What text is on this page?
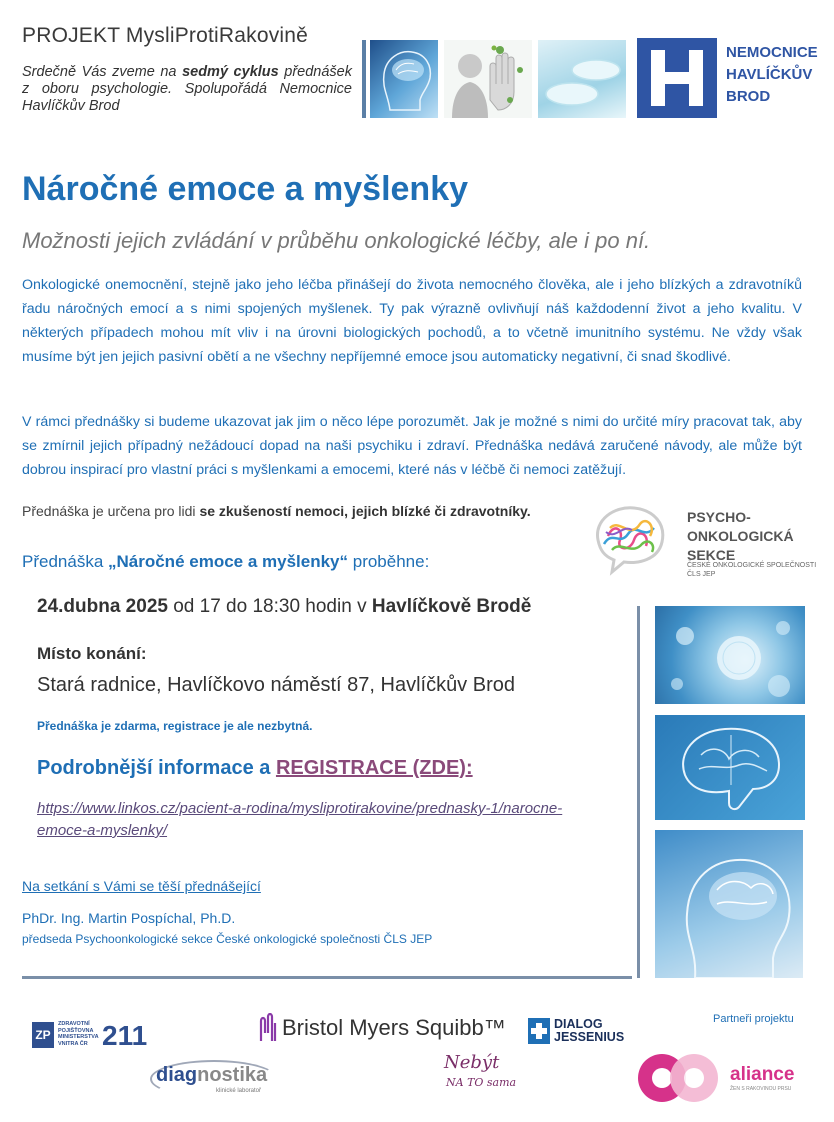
PROJEKT MysliProtiRakovině
Srdečně Vás zveme na sedmý cyklus přednášek z oboru psychologie. Spolupořádá Nemocnice Havlíčkův Brod
NEMOCNICE
HAVLÍČKŮV
BROD
Náročné emoce a myšlenky
Možnosti jejich zvládání v průběhu onkologické léčby, ale i po ní.
Onkologické onemocnění, stejně jako jeho léčba přinášejí do života nemocného člověka, ale i jeho blízkých a zdravotníků řadu náročných emocí a s nimi spojených myšlenek. Ty pak výrazně ovlivňují náš každodenní život a jeho kvalitu. V některých případech mohou mít vliv i na úrovni biologických pochodů, a to včetně imunitního systému. Ne vždy však musíme být jen jejich pasivní obětí a ne všechny nepříjemné emoce jsou automaticky negativní, či snad škodlivé.
V rámci přednášky si budeme ukazovat jak jim o něco lépe porozumět. Jak je možné s nimi do určité míry pracovat tak, aby se zmírnil jejich případný nežádoucí dopad na naši psychiku i zdraví. Přednáška nedává zaručené návody, ale může být dobrou inspirací pro vlastní práci s myšlenkami a emocemi, které nás v léčbě či nemoci zatěžují.
Přednáška je určena pro lidi se zkušeností nemoci, jejich blízké či zdravotníky.	PSYCHO-
ONKOLOGICKÁ
SEKCE
ČESKÉ ONKOLOGICKÉ SPOLEČNOSTI
ČLS JEP
Přednáška „Náročné emoce a myšlenky“ proběhne:
24.dubna 2025 od 17 do 18:30 hodin v Havlíčkově Brodě
Místo konání:
Stará radnice, Havlíčkovo náměstí 87, Havlíčkův Brod
Přednáška je zdarma, registrace je ale nezbytná.
Podrobnější informace a REGISTRACE (ZDE):
https://www.linkos.cz/pacient-a-rodina/mysliprotirakovine/prednasky-1/narocne-emoce-a-myslenky/
Na setkání s Vámi se těší přednášející
PhDr. Ing. Martin Pospíchal, Ph.D.
předseda Psychoonkologické sekce České onkologické společnosti ČLS JEP
Partneři projektu
ZP
ZDRAVOTNÍ
POJIŠŤOVNA
MINISTERSTVA
VNITRA ČR 211	Bristol Myers Squibb™	DIALOG
JESSENIUS
diagnostika
klinické laboratoř
Nebýt
NA TO sama	aliance
ŽEN S RAKOVINOU PRSU
